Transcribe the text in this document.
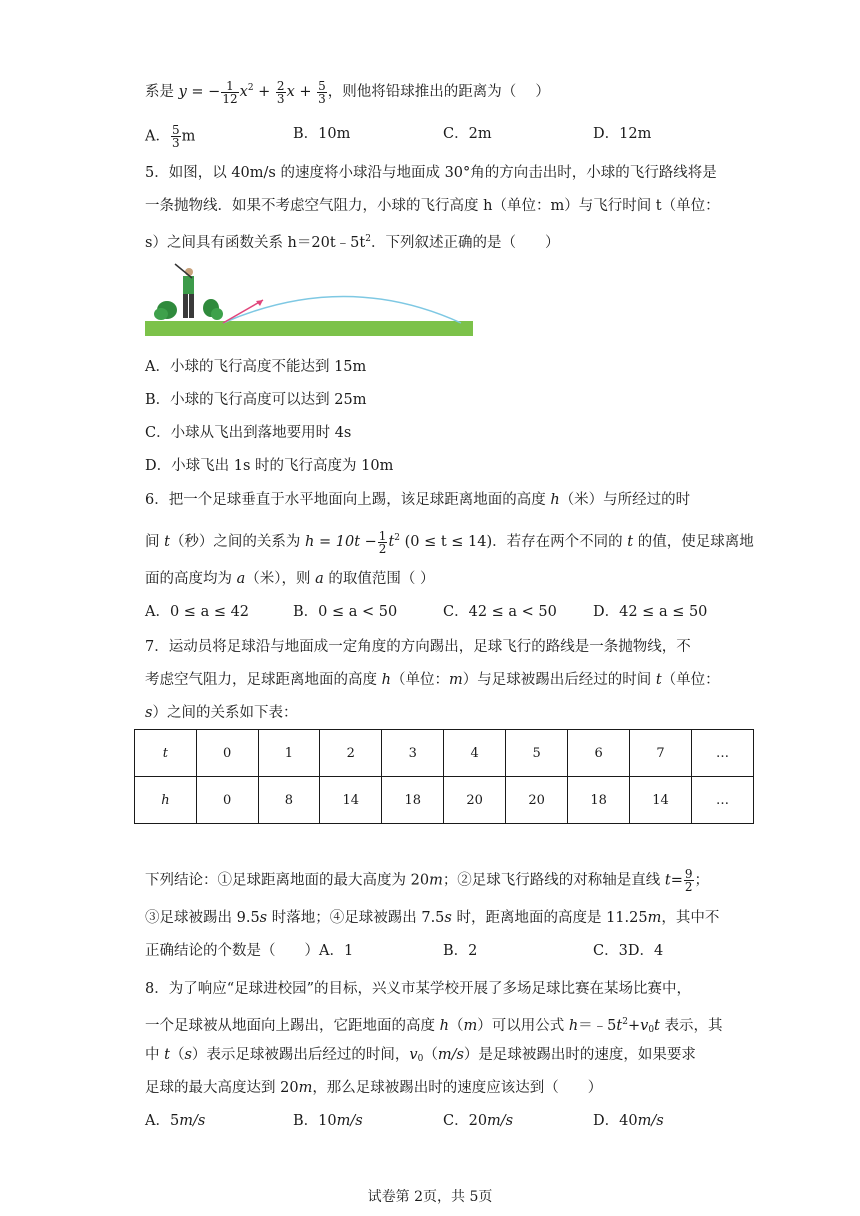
系是 y = − $\frac{1}{12} x^2 + \frac{2}{3}$ $x + \frac{5}{3}$ ，则他将铅球推出的距离为（　 ）
A． $\frac{5}{3}$ m	B．10m	C．2m	D．12m
5．如图，以 40m/s 的速度将小球沿与地面成 30°角的方向击出时，小球的飞行路线将是
一条抛物线．如果不考虑空气阻力，小球的飞行高度 h（单位：m）与飞行时间 t（单位：
s）之间具有函数关系 $h=20t﹣5t^2$．下列叙述正确的是（　　）
A．小球的飞行高度不能达到 15m
B．小球的飞行高度可以达到 25m
C．小球从飞出到落地要用时 4s
D．小球飞出 1s 时的飞行高度为 10m
6．把一个足球垂直于水平地面向上踢，该足球距离地面的高度 h（米）与所经过的时
间 t（秒）之间的关系为 $h = 10t - \frac{1}{2} t^2$ (0 ≤ t ≤ 14)．若存在两个不同的 t 的值，使足球离地
面的高度均为 a（米），则 a 的取值范围（ ）
A．0 ≤ a ≤ 42	B．0 ≤ a < 50	C．42 ≤ a < 50 D．42 ≤ a ≤ 50
7．运动员将足球沿与地面成一定角度的方向踢出，足球飞行的路线是一条抛物线，不
考虑空气阻力，足球距离地面的高度 h（单位：m）与足球被踢出后经过的时间 t（单位：
s）之间的关系如下表：
t	0	1	2	3	4	5	6	7	…
h	0	8	14	18	20	20	18	14	…
下列结论：①足球距离地面的最大高度为 20m；②足球飞行路线的对称轴是直线 $t= \frac{9}{2}$ ；
③足球被踢出 9.5s 时落地；④足球被踢出 7.5s 时，距离地面的高度是 11.25m，其中不
正确结论的个数是（　　）A．1	B．2	C．3D．4
8．为了响应“足球进校园”的目标，兴义市某学校开展了多场足球比赛在某场比赛中，
一个足球被从地面向上踢出，它距地面的高度 h（m）可以用公式 $h=﹣5t^2+v_0t$ 表示，其
中 t（s）表示足球被踢出后经过的时间，$v_0(m/s)$是足球被踢出时的速度，如果要求
足球的最大高度达到 20m，那么足球被踢出时的速度应该达到（　　）
A．5m/s	B．10m/s	C．20m/s	D．40m/s
试卷第 2页，共 5页
